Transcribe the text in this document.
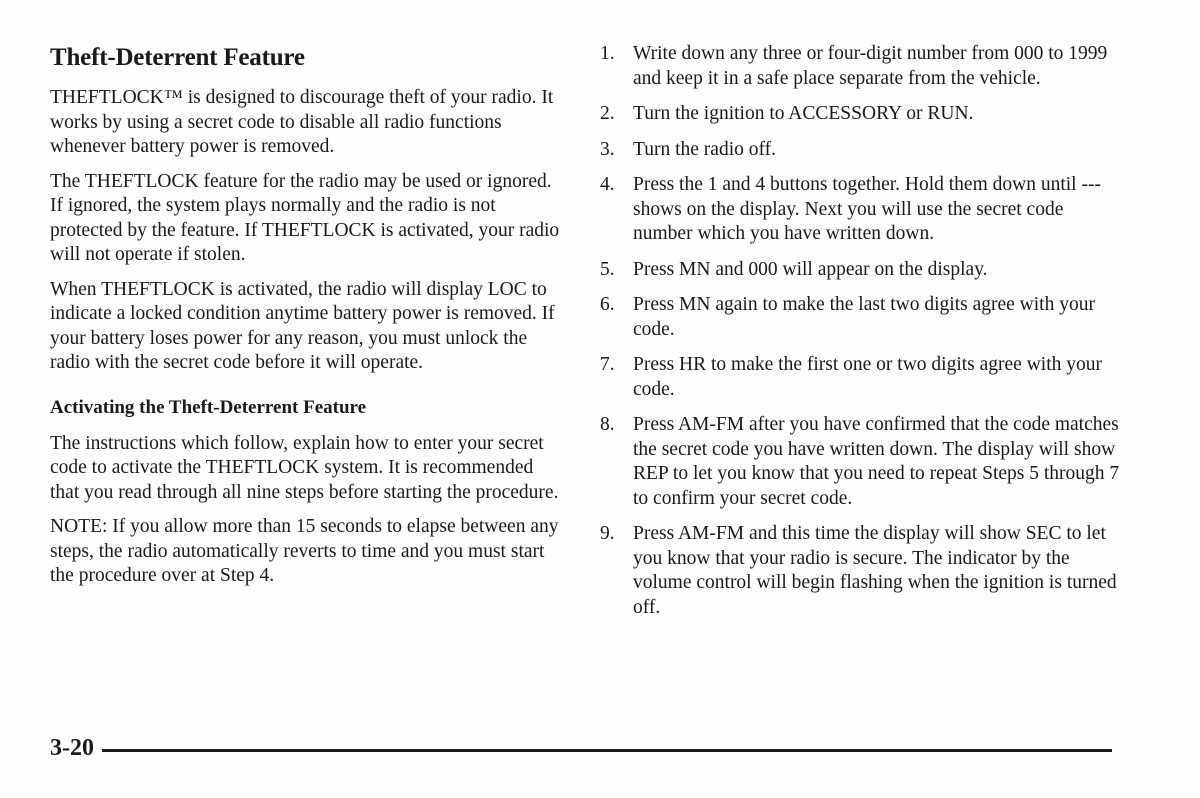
Theft-Deterrent Feature

THEFTLOCK™ is designed to discourage theft of your radio. It works by using a secret code to disable all radio functions whenever battery power is removed.

The THEFTLOCK feature for the radio may be used or ignored. If ignored, the system plays normally and the radio is not protected by the feature. If THEFTLOCK is activated, your radio will not operate if stolen.

When THEFTLOCK is activated, the radio will display LOC to indicate a locked condition anytime battery power is removed. If your battery loses power for any reason, you must unlock the radio with the secret code before it will operate.

Activating the Theft-Deterrent Feature

The instructions which follow, explain how to enter your secret code to activate the THEFTLOCK system. It is recommended that you read through all nine steps before starting the procedure.

NOTE: If you allow more than 15 seconds to elapse between any steps, the radio automatically reverts to time and you must start the procedure over at Step 4.

1. Write down any three or four-digit number from 000 to 1999 and keep it in a safe place separate from the vehicle.
2. Turn the ignition to ACCESSORY or RUN.
3. Turn the radio off.
4. Press the 1 and 4 buttons together. Hold them down until --- shows on the display. Next you will use the secret code number which you have written down.
5. Press MN and 000 will appear on the display.
6. Press MN again to make the last two digits agree with your code.
7. Press HR to make the first one or two digits agree with your code.
8. Press AM-FM after you have confirmed that the code matches the secret code you have written down. The display will show REP to let you know that you need to repeat Steps 5 through 7 to confirm your secret code.
9. Press AM-FM and this time the display will show SEC to let you know that your radio is secure. The indicator by the volume control will begin flashing when the ignition is turned off.
3-20
